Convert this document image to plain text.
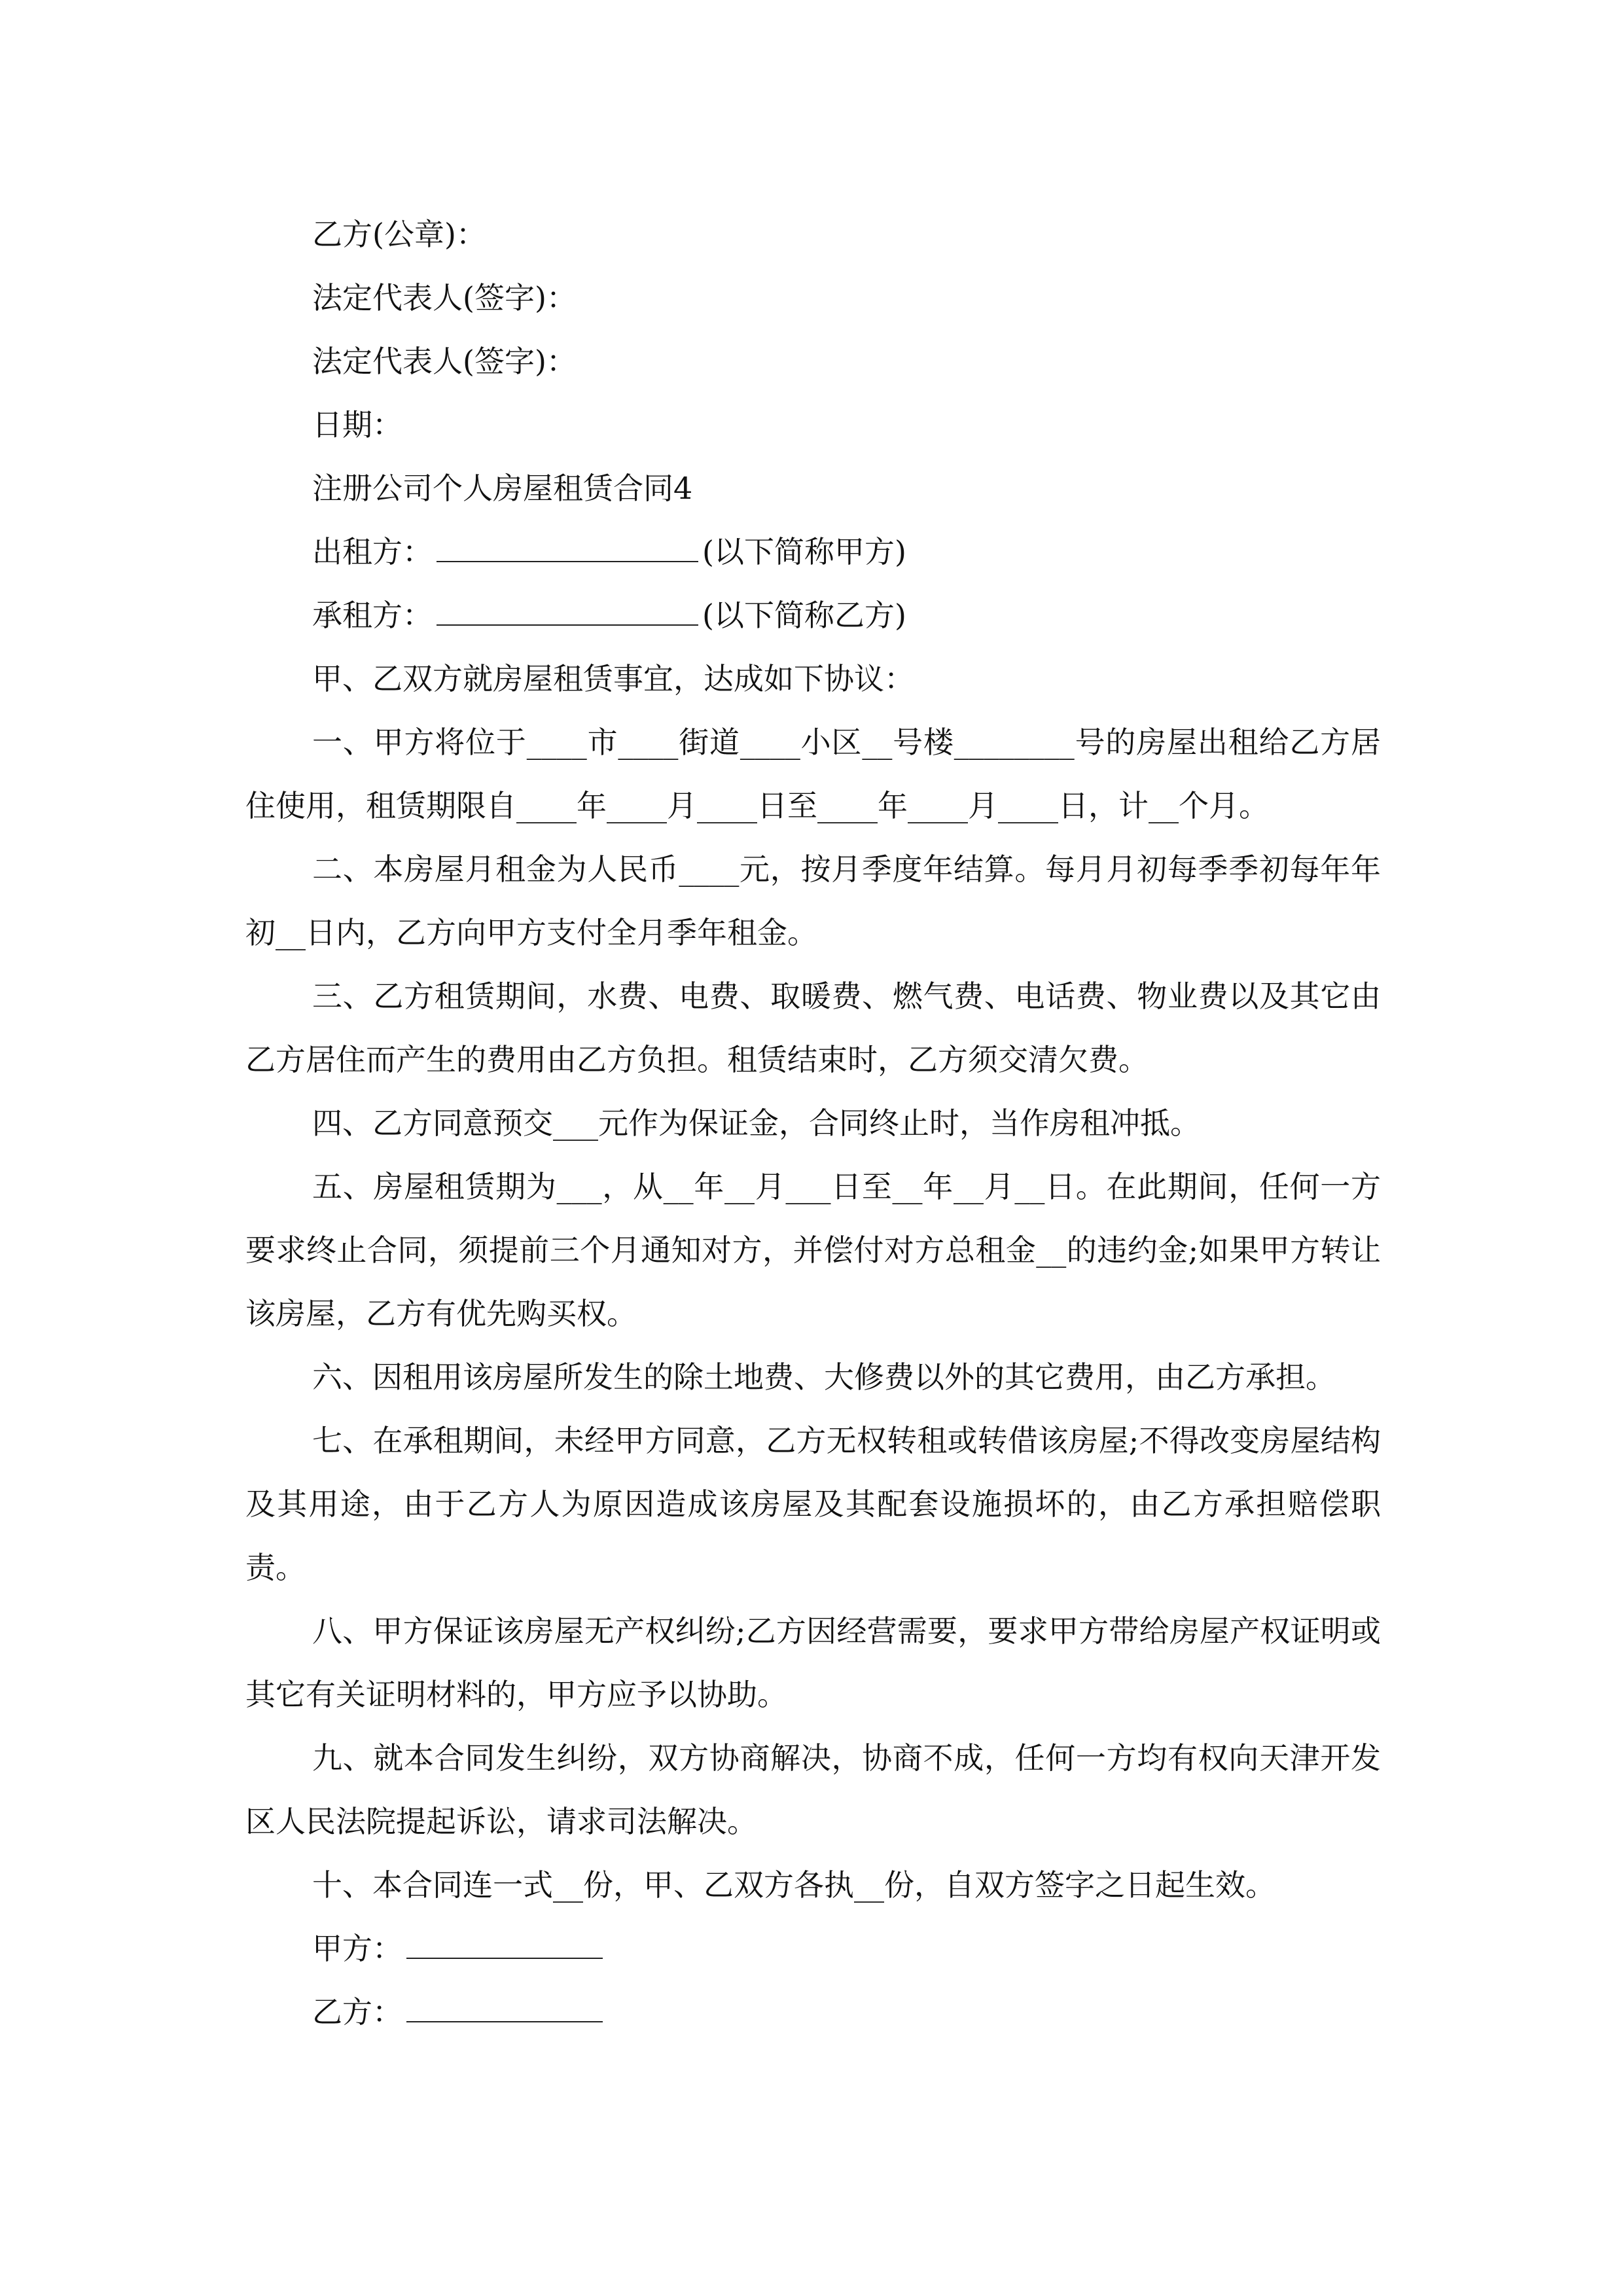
乙方(公章)：
法定代表人(签字)：
法定代表人(签字)：
日期：
注册公司个人房屋租赁合同4
出租方：	(以下简称甲方)
承租方：	(以下简称乙方)
甲、乙双方就房屋租赁事宜，达成如下协议：
一、甲方将位于____市____街道____小区__号楼________号的房屋出租给乙方居住使用，租赁期限自____年____月____日至____年____月____日，计__个月。
二、本房屋月租金为人民币____元，按月季度年结算。每月月初每季季初每年年初__日内，乙方向甲方支付全月季年租金。
三、乙方租赁期间，水费、电费、取暖费、燃气费、电话费、物业费以及其它由乙方居住而产生的费用由乙方负担。租赁结束时，乙方须交清欠费。
四、乙方同意预交___元作为保证金，合同终止时，当作房租冲抵。
五、房屋租赁期为___，从__年__月___日至__年__月__日。在此期间，任何一方要求终止合同，须提前三个月通知对方，并偿付对方总租金__的违约金;如果甲方转让该房屋，乙方有优先购买权。
六、因租用该房屋所发生的除土地费、大修费以外的其它费用，由乙方承担。
七、在承租期间，未经甲方同意，乙方无权转租或转借该房屋;不得改变房屋结构及其用途，由于乙方人为原因造成该房屋及其配套设施损坏的，由乙方承担赔偿职责。
八、甲方保证该房屋无产权纠纷;乙方因经营需要，要求甲方带给房屋产权证明或其它有关证明材料的，甲方应予以协助。
九、就本合同发生纠纷，双方协商解决，协商不成，任何一方均有权向天津开发区人民法院提起诉讼，请求司法解决。
十、本合同连一式__份，甲、乙双方各执__份，自双方签字之日起生效。
甲方：
乙方：
